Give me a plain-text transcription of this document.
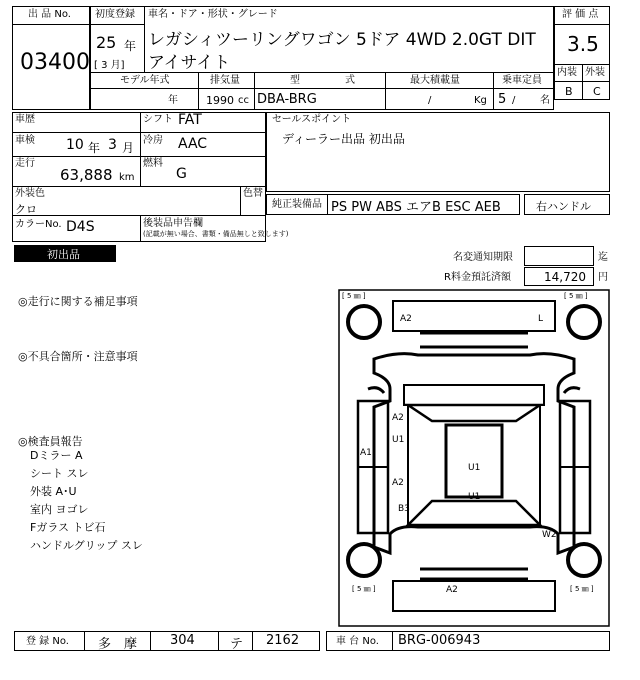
出 品 No.
03400
初度登録
25 年
[ 3 月]
車名・ドア・形状・グレード
レガシィツーリングワゴン 5ドア 4WD 2.0GT DIT
アイサイト
モデル年式
年
排気量
1990 cc
型	式
DBA-BRG
最大積載量
/	Kg
乗車定員
5 / 名
評 価 点
3.5
内装 外装
B C
車歴	シフト FAT
車検 10 年 3 月
冷房 AAC
走行
63,888 km
燃料
G
外装色
クロ
色替
カラーNo. D4S	後装品申告欄
(記載が無い場合、書類・備品無しと致します)
セールスポイント
ディーラー出品 初出品
純正装備品 PS PW ABS エアB ESC AEB	右ハンドル
初出品	名変通知期限	迄
R料金預託済額	14,720 円
◎走行に関する補足事項
◎不具合箇所・注意事項
◎検査員報告
Dミラー A
シート スレ
外装 A･U
室内 ヨゴレ
Fガラス トビ石
ハンドルグリップ スレ
[ 5 ㎜ ]	[ 5 ㎜ ]
[ 5 ㎜ ]	[ 5 ㎜ ]
A2	L
A2
U1
A1
U1
U1
A2
B3
W2
A2
登 録 No. 多　摩	304	テ 2162	車 台 No. BRG-006943
